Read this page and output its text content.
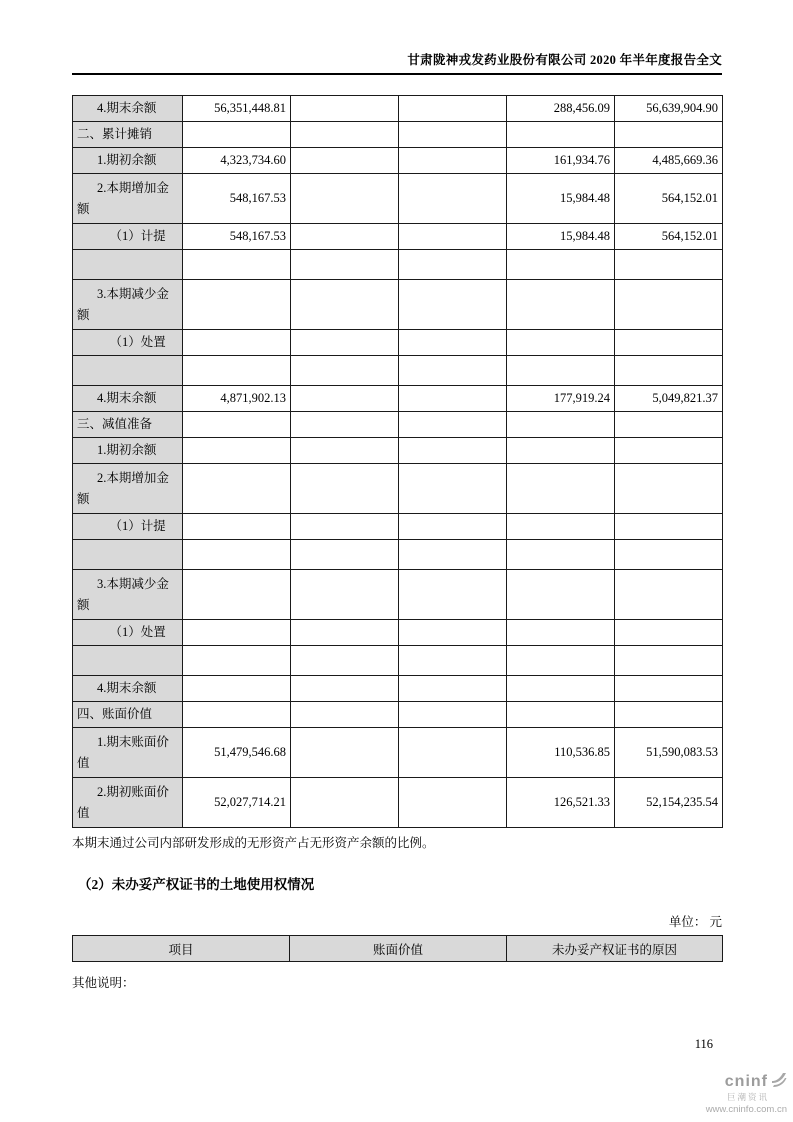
甘肃陇神戎发药业股份有限公司 2020 年半年度报告全文
4.期末余额	56,351,448.81			288,456.09	56,639,904.90
二、累计摊销					
1.期初余额	4,323,734.60			161,934.76	4,485,669.36
2.本期增加金额	548,167.53			15,984.48	564,152.01
（1）计提	548,167.53			15,984.48	564,152.01

3.本期减少金额					
（1）处置					

4.期末余额	4,871,902.13			177,919.24	5,049,821.37
三、减值准备					
1.期初余额					
2.本期增加金额					
（1）计提					

3.本期减少金额					
（1）处置					

4.期末余额					
四、账面价值					
1.期末账面价值	51,479,546.68			110,536.85	51,590,083.53
2.期初账面价值	52,027,714.21			126,521.33	52,154,235.54

本期末通过公司内部研发形成的无形资产占无形资产余额的比例。

（2）未办妥产权证书的土地使用权情况
单位： 元
项目	账面价值	未办妥产权证书的原因

其他说明：

116
cninf
巨潮资讯
www.cninfo.com.cn
